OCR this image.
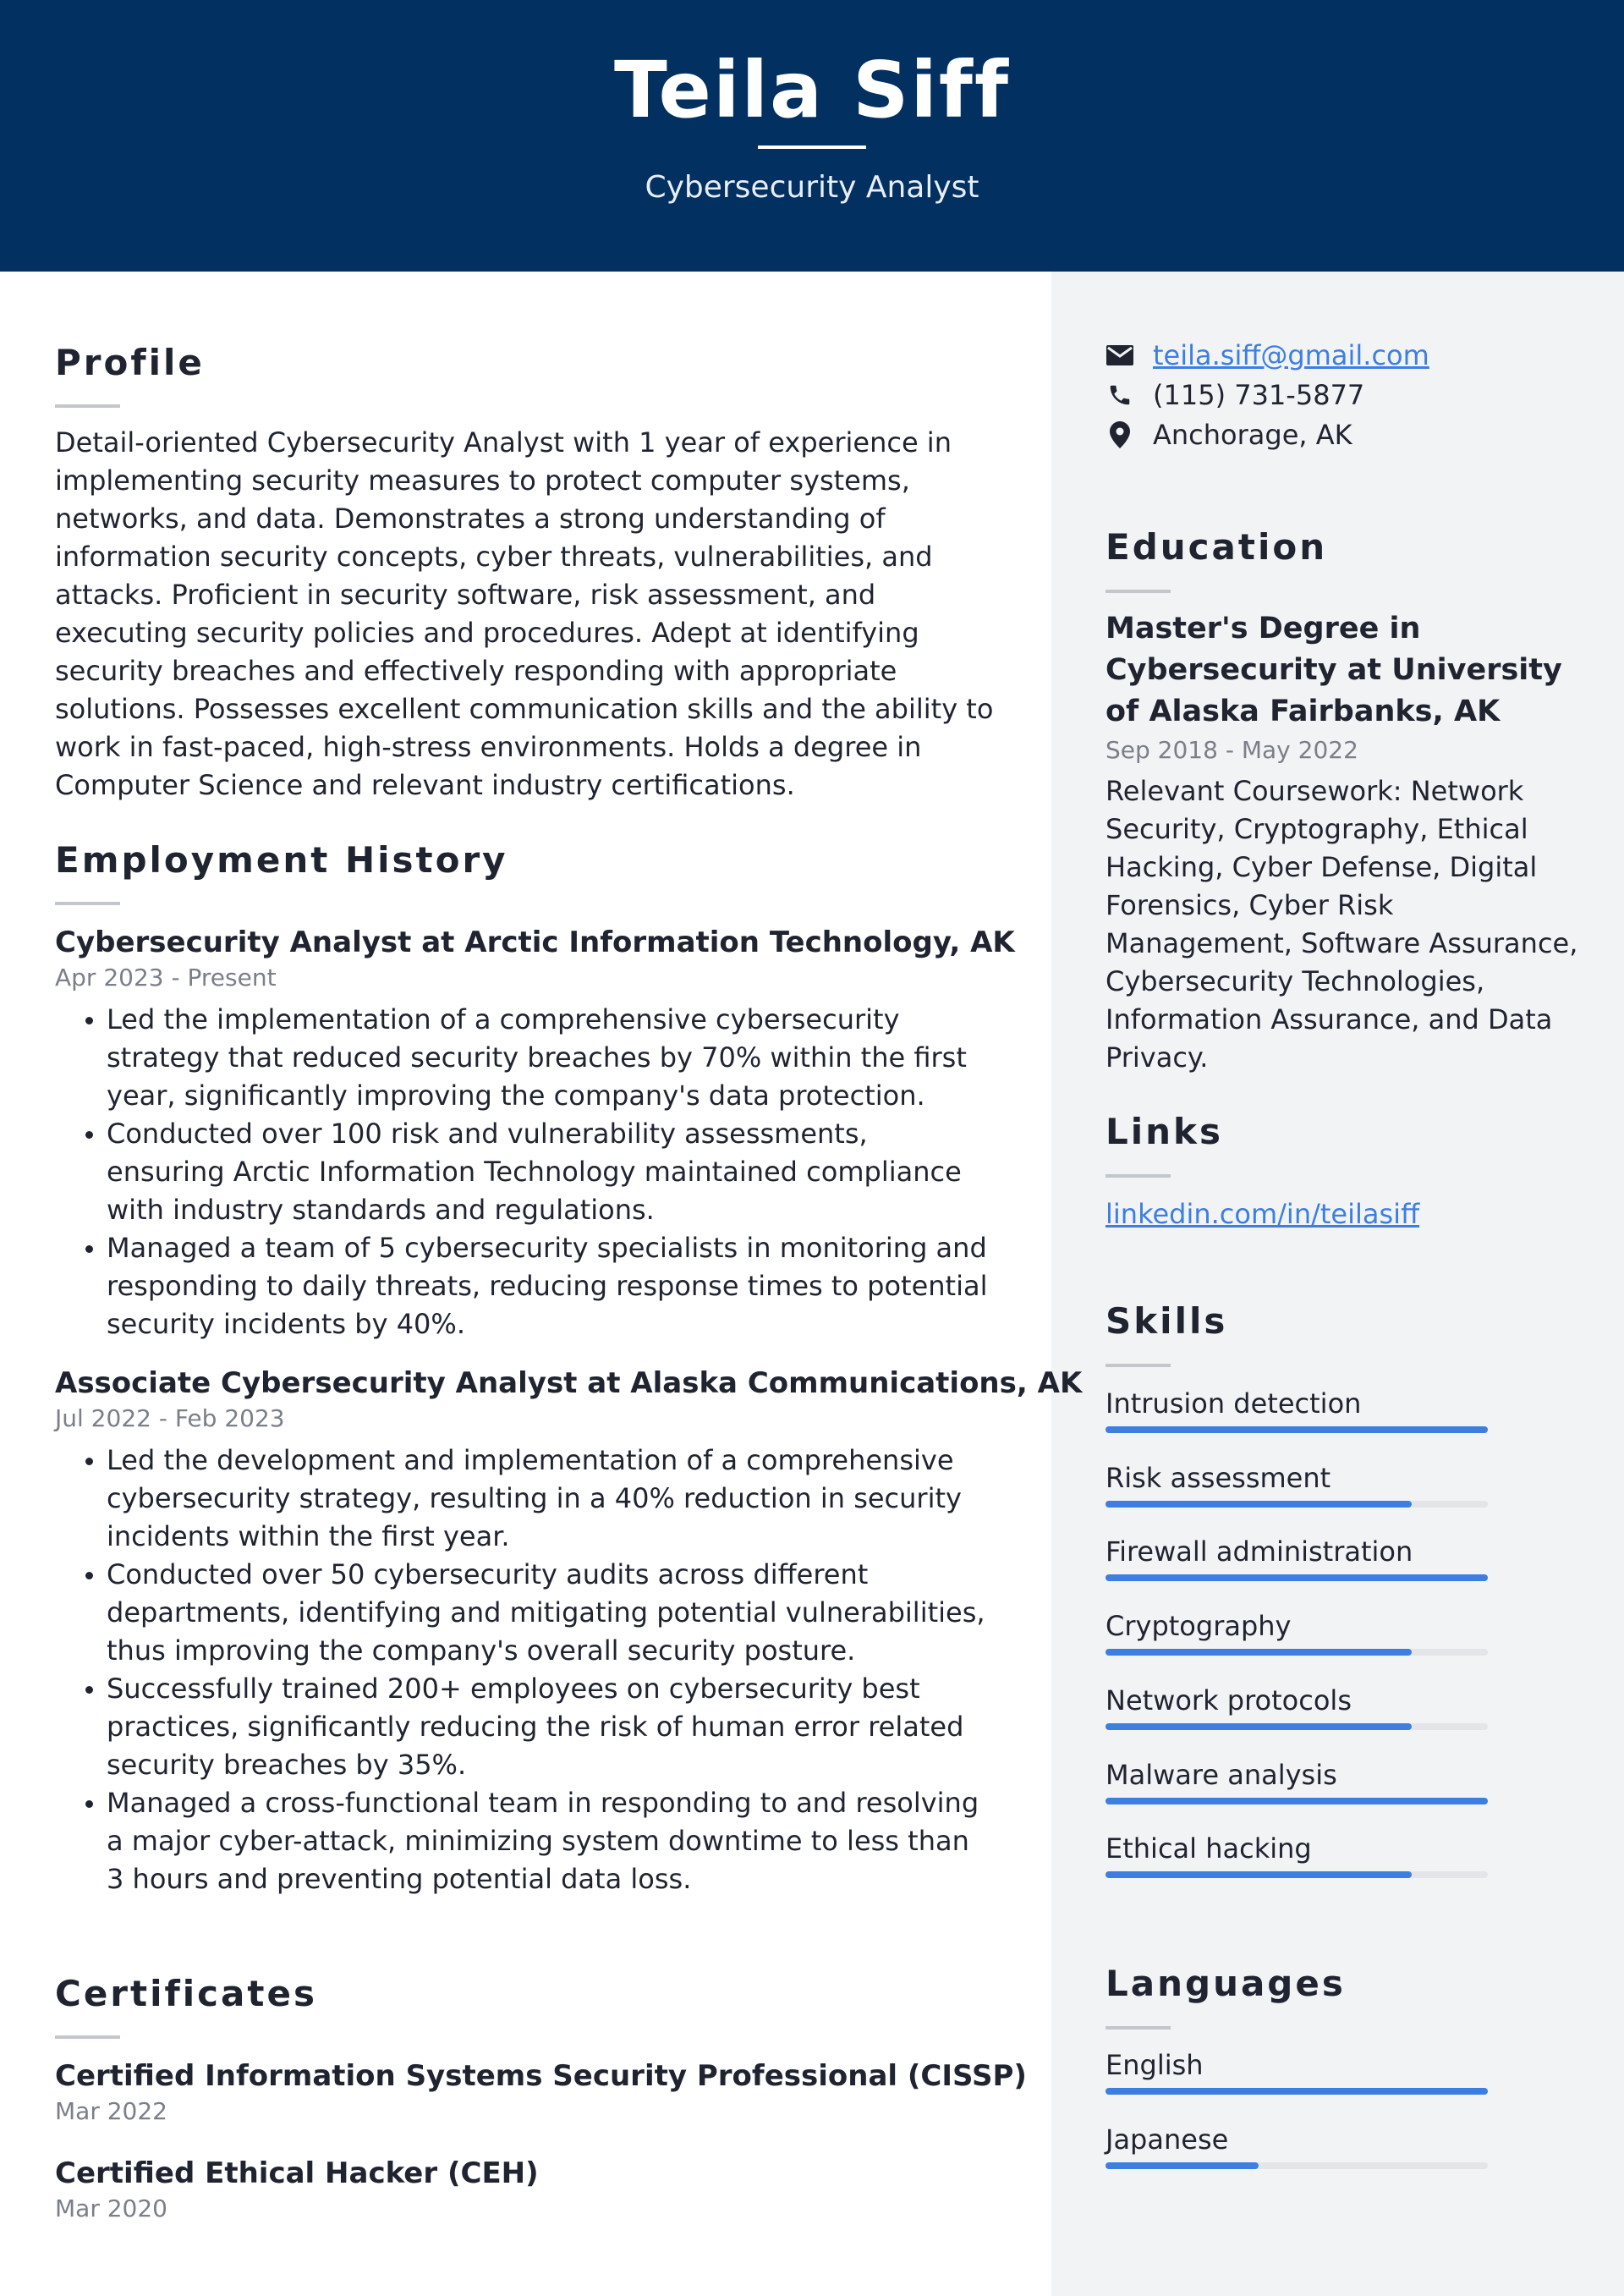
Teila Siff
Cybersecurity Analyst
Profile
Detail-oriented Cybersecurity Analyst with 1 year of experience in implementing security measures to protect computer systems, networks, and data. Demonstrates a strong understanding of information security concepts, cyber threats, vulnerabilities, and attacks. Proficient in security software, risk assessment, and executing security policies and procedures. Adept at identifying security breaches and effectively responding with appropriate solutions. Possesses excellent communication skills and the ability to work in fast-paced, high-stress environments. Holds a degree in Computer Science and relevant industry certifications.
Employment History
Cybersecurity Analyst at Arctic Information Technology, AK
Apr 2023 - Present
Led the implementation of a comprehensive cybersecurity strategy that reduced security breaches by 70% within the first year, significantly improving the company's data protection.
Conducted over 100 risk and vulnerability assessments, ensuring Arctic Information Technology maintained compliance with industry standards and regulations.
Managed a team of 5 cybersecurity specialists in monitoring and responding to daily threats, reducing response times to potential security incidents by 40%.
Associate Cybersecurity Analyst at Alaska Communications, AK
Jul 2022 - Feb 2023
Led the development and implementation of a comprehensive cybersecurity strategy, resulting in a 40% reduction in security incidents within the first year.
Conducted over 50 cybersecurity audits across different departments, identifying and mitigating potential vulnerabilities, thus improving the company's overall security posture.
Successfully trained 200+ employees on cybersecurity best practices, significantly reducing the risk of human error related security breaches by 35%.
Managed a cross-functional team in responding to and resolving a major cyber-attack, minimizing system downtime to less than 3 hours and preventing potential data loss.
Certificates
Certified Information Systems Security Professional (CISSP)
Mar 2022
Certified Ethical Hacker (CEH)
Mar 2020
teila.siff@gmail.com
(115) 731-5877
Anchorage, AK
Education
Master's Degree in Cybersecurity at University of Alaska Fairbanks, AK
Sep 2018 - May 2022
Relevant Coursework: Network Security, Cryptography, Ethical Hacking, Cyber Defense, Digital Forensics, Cyber Risk Management, Software Assurance, Cybersecurity Technologies, Information Assurance, and Data Privacy.
Links
linkedin.com/in/teilasiff
Skills
Intrusion detection
Risk assessment
Firewall administration
Cryptography
Network protocols
Malware analysis
Ethical hacking
Languages
English
Japanese
